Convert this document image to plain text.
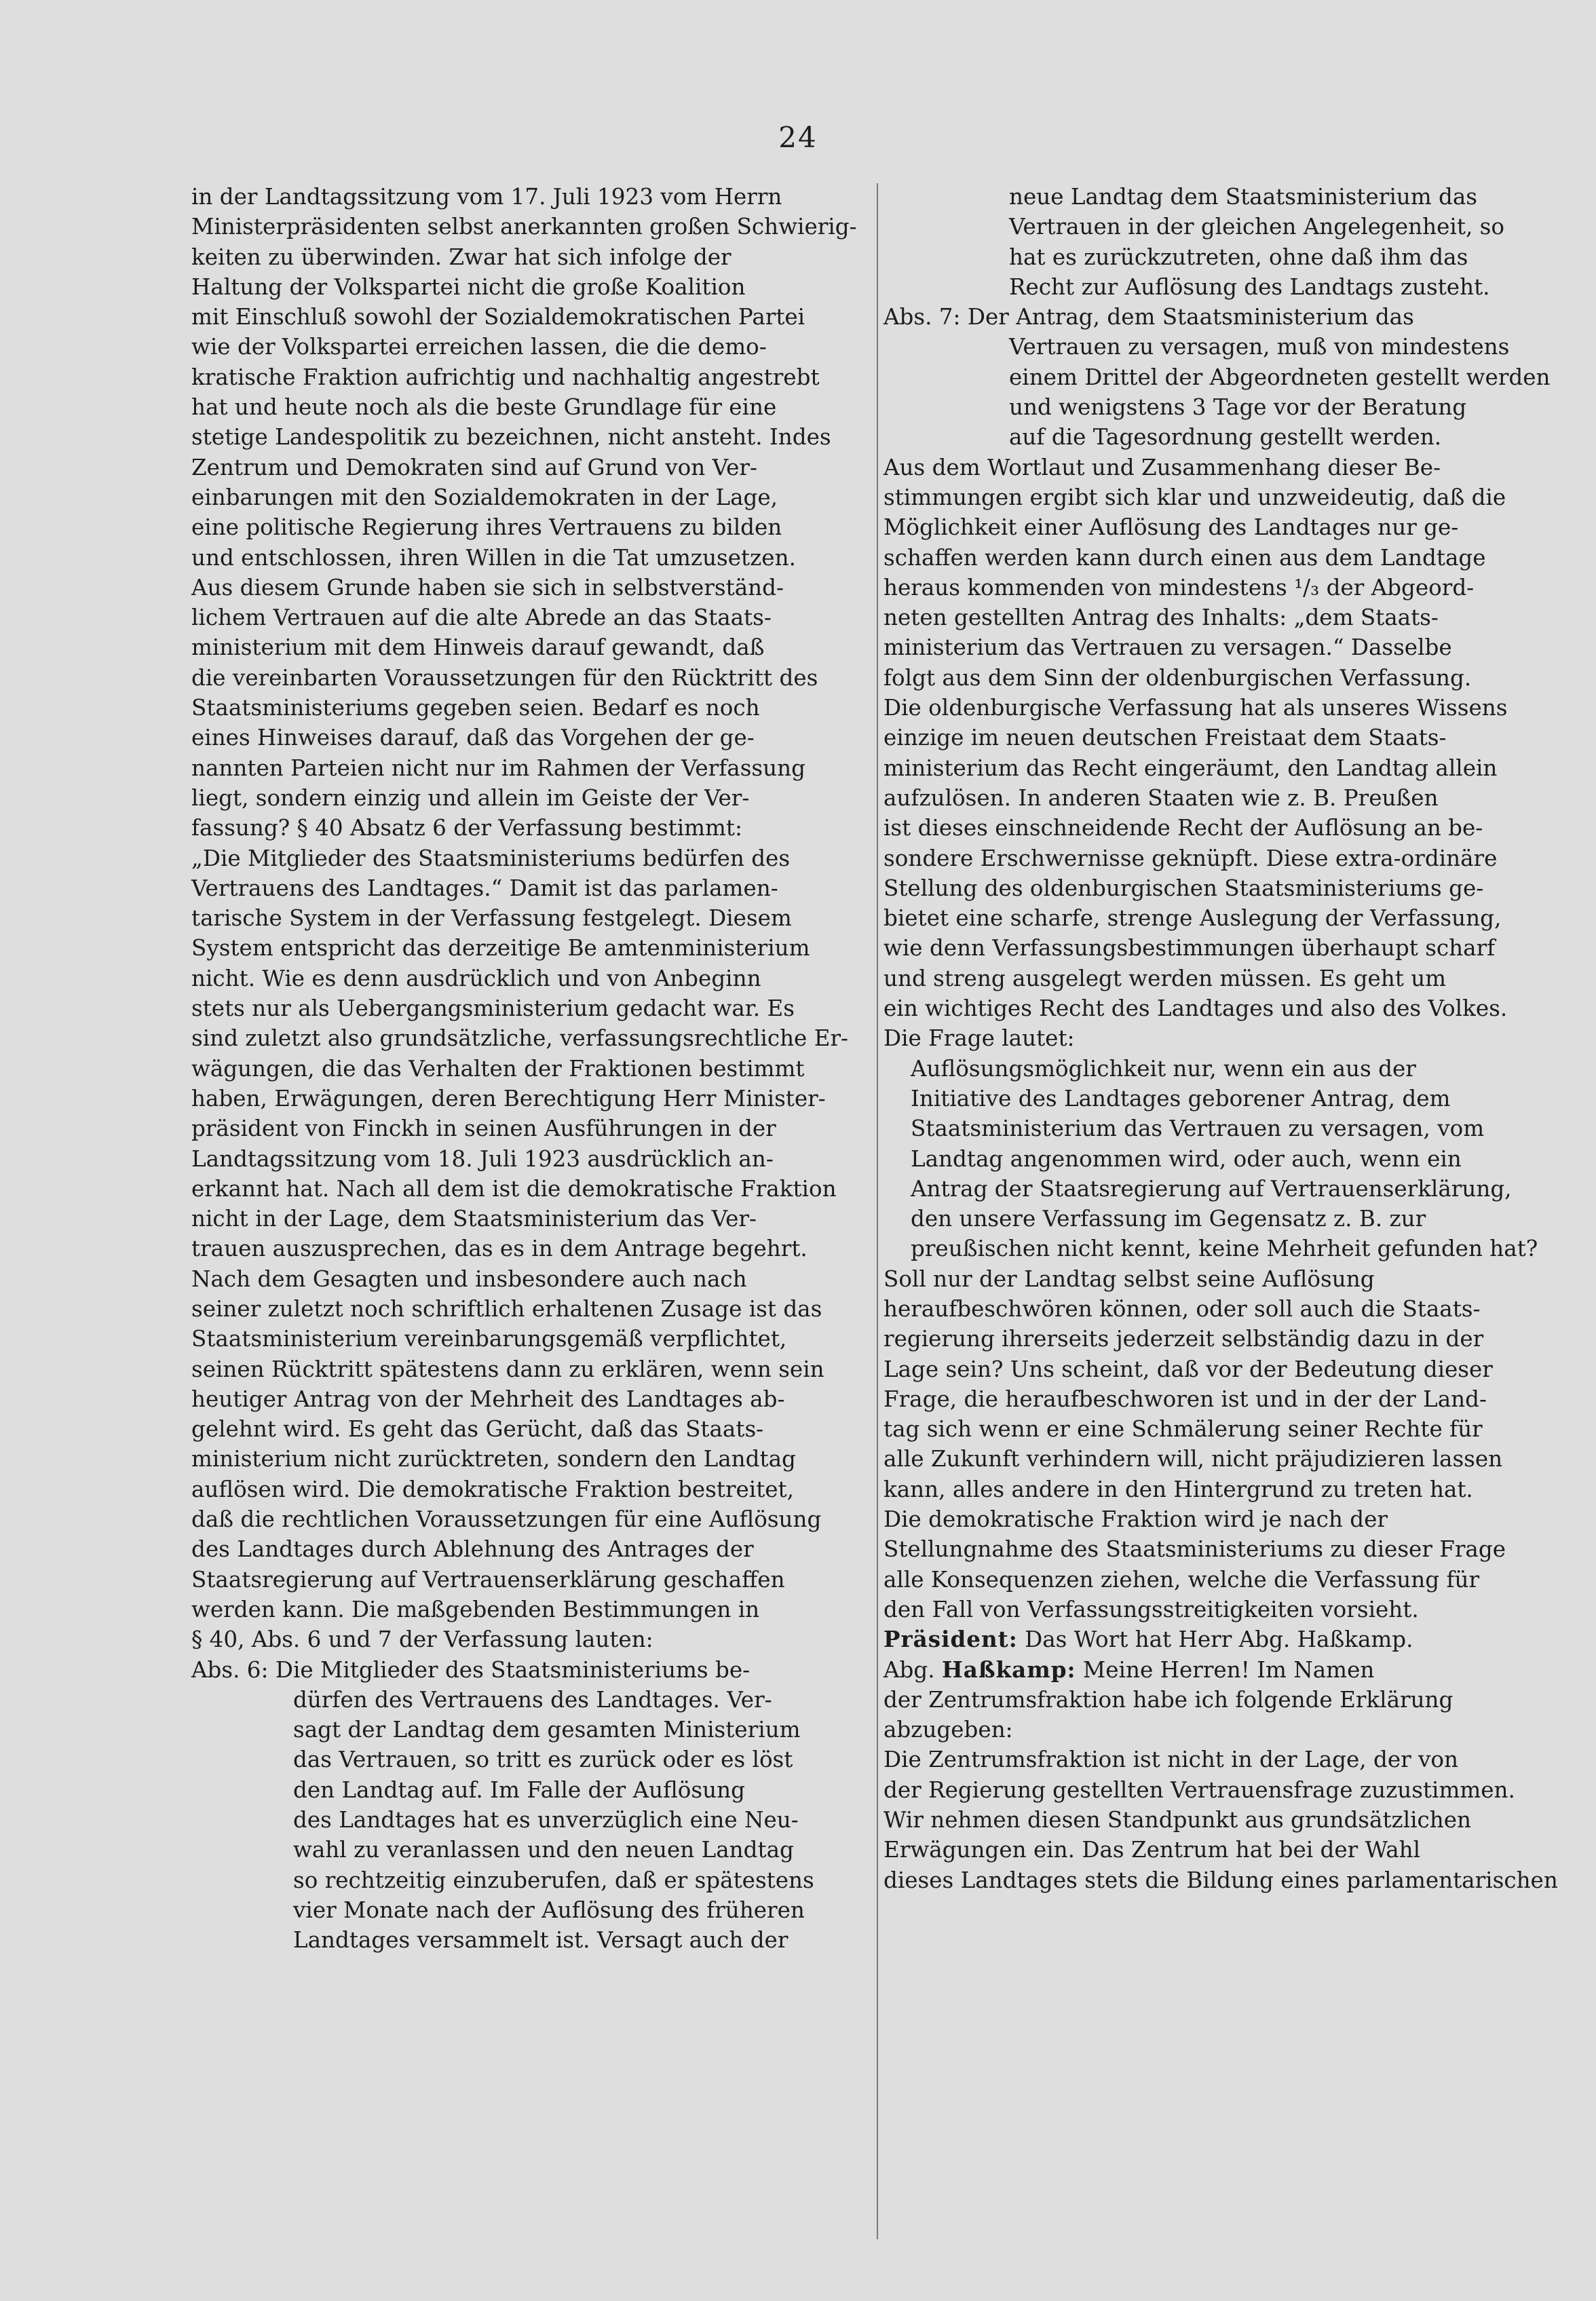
24

in der Landtagssitzung vom 17. Juli 1923 vom Herrn
Ministerpräsidenten selbst anerkannten großen Schwierig-
keiten zu überwinden. Zwar hat sich infolge der
Haltung der Volkspartei nicht die große Koalition
mit Einschluß sowohl der Sozialdemokratischen Partei
wie der Volkspartei erreichen lassen, die die demo-
kratische Fraktion aufrichtig und nachhaltig angestrebt
hat und heute noch als die beste Grundlage für eine
stetige Landespolitik zu bezeichnen, nicht ansteht. Indes
Zentrum und Demokraten sind auf Grund von Ver-
einbarungen mit den Sozialdemokraten in der Lage,
eine politische Regierung ihres Vertrauens zu bilden
und entschlossen, ihren Willen in die Tat umzusetzen.
Aus diesem Grunde haben sie sich in selbstverständ-
lichem Vertrauen auf die alte Abrede an das Staats-
ministerium mit dem Hinweis darauf gewandt, daß
die vereinbarten Voraussetzungen für den Rücktritt des
Staatsministeriums gegeben seien. Bedarf es noch
eines Hinweises darauf, daß das Vorgehen der ge-
nannten Parteien nicht nur im Rahmen der Verfassung
liegt, sondern einzig und allein im Geiste der Ver-
fassung? § 40 Absatz 6 der Verfassung bestimmt:
„Die Mitglieder des Staatsministeriums bedürfen des
Vertrauens des Landtages.“ Damit ist das parlamen-
tarische System in der Verfassung festgelegt. Diesem
System entspricht das derzeitige Be amtenministerium
nicht. Wie es denn ausdrücklich und von Anbeginn
stets nur als Uebergangsministerium gedacht war. Es
sind zuletzt also grundsätzliche, verfassungsrechtliche Er-
wägungen, die das Verhalten der Fraktionen bestimmt
haben, Erwägungen, deren Berechtigung Herr Minister-
präsident von Finckh in seinen Ausführungen in der
Landtagssitzung vom 18. Juli 1923 ausdrücklich an-
erkannt hat. Nach all dem ist die demokratische Fraktion
nicht in der Lage, dem Staatsministerium das Ver-
trauen auszusprechen, das es in dem Antrage begehrt.

Nach dem Gesagten und insbesondere auch nach
seiner zuletzt noch schriftlich erhaltenen Zusage ist das
Staatsministerium vereinbarungsgemäß verpflichtet,
seinen Rücktritt spätestens dann zu erklären, wenn sein
heutiger Antrag von der Mehrheit des Landtages ab-
gelehnt wird. Es geht das Gerücht, daß das Staats-
ministerium nicht zurücktreten, sondern den Landtag
auflösen wird. Die demokratische Fraktion bestreitet,
daß die rechtlichen Voraussetzungen für eine Auflösung
des Landtages durch Ablehnung des Antrages der
Staatsregierung auf Vertrauenserklärung geschaffen
werden kann. Die maßgebenden Bestimmungen in
§ 40, Abs. 6 und 7 der Verfassung lauten:

Abs. 6: Die Mitglieder des Staatsministeriums be-

dürfen des Vertrauens des Landtages. Ver-
sagt der Landtag dem gesamten Ministerium
das Vertrauen, so tritt es zurück oder es löst
den Landtag auf. Im Falle der Auflösung
des Landtages hat es unverzüglich eine Neu-
wahl zu veranlassen und den neuen Landtag
so rechtzeitig einzuberufen, daß er spätestens
vier Monate nach der Auflösung des früheren
Landtages versammelt ist. Versagt auch der

neue Landtag dem Staatsministerium das
Vertrauen in der gleichen Angelegenheit, so
hat es zurückzutreten, ohne daß ihm das
Recht zur Auflösung des Landtags zusteht.

Abs. 7: Der Antrag, dem Staatsministerium das

Vertrauen zu versagen, muß von mindestens
einem Drittel der Abgeordneten gestellt werden
und wenigstens 3 Tage vor der Beratung
auf die Tagesordnung gestellt werden.

Aus dem Wortlaut und Zusammenhang dieser Be-
stimmungen ergibt sich klar und unzweideutig, daß die
Möglichkeit einer Auflösung des Landtages nur ge-
schaffen werden kann durch einen aus dem Landtage
heraus kommenden von mindestens ¹/₃ der Abgeord-
neten gestellten Antrag des Inhalts: „dem Staats-
ministerium das Vertrauen zu versagen.“ Dasselbe
folgt aus dem Sinn der oldenburgischen Verfassung.
Die oldenburgische Verfassung hat als unseres Wissens
einzige im neuen deutschen Freistaat dem Staats-
ministerium das Recht eingeräumt, den Landtag allein
aufzulösen. In anderen Staaten wie z. B. Preußen
ist dieses einschneidende Recht der Auflösung an be-
sondere Erschwernisse geknüpft. Diese extra-ordinäre
Stellung des oldenburgischen Staatsministeriums ge-
bietet eine scharfe, strenge Auslegung der Verfassung,
wie denn Verfassungsbestimmungen überhaupt scharf
und streng ausgelegt werden müssen. Es geht um
ein wichtiges Recht des Landtages und also des Volkes.
Die Frage lautet:

Auflösungsmöglichkeit nur, wenn ein aus der
Initiative des Landtages geborener Antrag, dem
Staatsministerium das Vertrauen zu versagen, vom
Landtag angenommen wird, oder auch, wenn ein
Antrag der Staatsregierung auf Vertrauenserklärung,
den unsere Verfassung im Gegensatz z. B. zur
preußischen nicht kennt, keine Mehrheit gefunden hat?

Soll nur der Landtag selbst seine Auflösung
heraufbeschwören können, oder soll auch die Staats-
regierung ihrerseits jederzeit selbständig dazu in der
Lage sein? Uns scheint, daß vor der Bedeutung dieser
Frage, die heraufbeschworen ist und in der der Land-
tag sich wenn er eine Schmälerung seiner Rechte für
alle Zukunft verhindern will, nicht präjudizieren lassen
kann, alles andere in den Hintergrund zu treten hat.

Die demokratische Fraktion wird je nach der
Stellungnahme des Staatsministeriums zu dieser Frage
alle Konsequenzen ziehen, welche die Verfassung für
den Fall von Verfassungsstreitigkeiten vorsieht.

Präsident: Das Wort hat Herr Abg. Haßkamp.

Abg. Haßkamp: Meine Herren! Im Namen
der Zentrumsfraktion habe ich folgende Erklärung
abzugeben:

Die Zentrumsfraktion ist nicht in der Lage, der von
der Regierung gestellten Vertrauensfrage zuzustimmen.
Wir nehmen diesen Standpunkt aus grundsätzlichen
Erwägungen ein. Das Zentrum hat bei der Wahl
dieses Landtages stets die Bildung eines parlamentarischen
